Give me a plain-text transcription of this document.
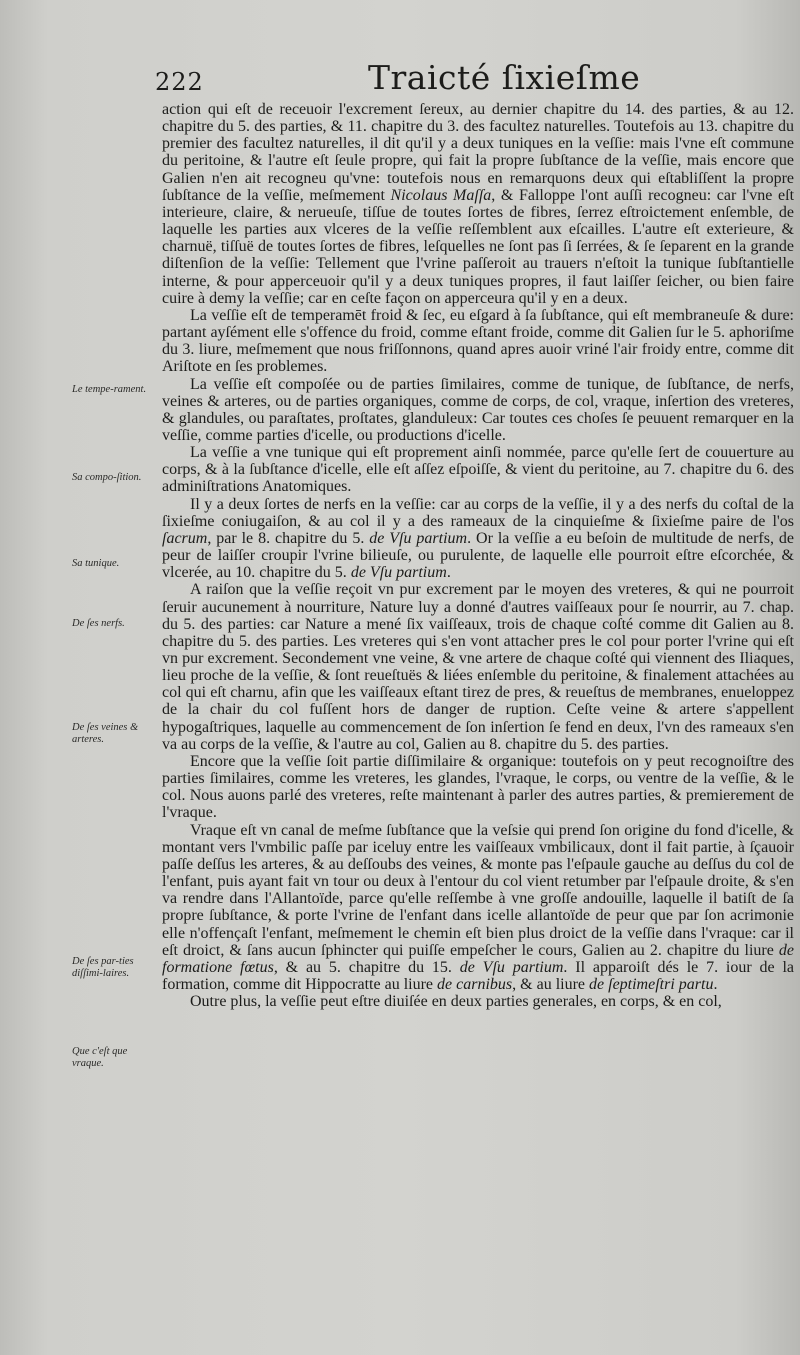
222	Traicté ſixieſme
Le tempe-rament.
Sa compo-ſition.
Sa tunique.
De ſes nerfs.
De ſes veines & arteres.
De ſes par-ties diſſimi-laires.
Que c'eſt que vraque.

action qui eſt de receuoir l'excrement ſereux, au dernier chapitre du 14. des parties, & au 12. chapitre du 5. des parties, & 11. chapitre du 3. des facultez naturelles. Toutefois au 13. chapitre du premier des facultez naturelles, il dit qu'il y a deux tuniques en la veſſie: mais l'vne eſt commune du peritoine, & l'autre eſt ſeule propre, qui fait la propre ſubſtance de la veſſie, mais encore que Galien n'en ait recogneu qu'vne: toutefois nous en remarquons deux qui eſtabliſſent la propre ſubſtance de la veſſie, meſmement Nicolaus Maſſa, & Falloppe l'ont auſſi recogneu: car l'vne eſt interieure, claire, & nerueuſe, tiſſue de toutes ſortes de fibres, ſerrez eſtroictement enſemble, de laquelle les parties aux vlceres de la veſſie reſſemblent aux eſcailles. L'autre eſt exterieure, & charnuë, tiſſuë de toutes ſortes de fibres, leſquelles ne ſont pas ſi ſerrées, & ſe ſeparent en la grande diſtenſion de la veſſie: Tellement que l'vrine paſſeroit au trauers n'eſtoit la tunique ſubſtantielle interne, & pour apperceuoir qu'il y a deux tuniques propres, il faut laiſſer ſeicher, ou bien faire cuire à demy la veſſie; car en ceſte façon on apperceura qu'il y en a deux.

La veſſie eſt de temperamēt froid & ſec, eu eſgard à ſa ſubſtance, qui eſt membraneuſe & dure: partant ayſément elle s'offence du froid, comme eſtant froide, comme dit Galien ſur le 5. aphoriſme du 3. liure, meſmement que nous friſſonnons, quand apres auoir vriné l'air froidy entre, comme dit Ariſtote en ſes problemes.

La veſſie eſt compoſée ou de parties ſimilaires, comme de tunique, de ſubſtance, de nerfs, veines & arteres, ou de parties organiques, comme de corps, de col, vraque, inſertion des vreteres, & glandules, ou paraſtates, proſtates, glanduleux: Car toutes ces choſes ſe peuuent remarquer en la veſſie, comme parties d'icelle, ou productions d'icelle.

La veſſie a vne tunique qui eſt proprement ainſi nommée, parce qu'elle ſert de couuerture au corps, & à la ſubſtance d'icelle, elle eſt aſſez eſpoiſſe, & vient du peritoine, au 7. chapitre du 6. des adminiſtrations Anatomiques.

Il y a deux ſortes de nerfs en la veſſie: car au corps de la veſſie, il y a des nerfs du coſtal de la ſixieſme coniugaiſon, & au col il y a des rameaux de la cinquieſme & ſixieſme paire de l'os ſacrum, par le 8. chapitre du 5. de Vſu partium. Or la veſſie a eu beſoin de multitude de nerfs, de peur de laiſſer croupir l'vrine bilieuſe, ou purulente, de laquelle elle pourroit eſtre eſcorchée, & vlcerée, au 10. chapitre du 5. de Vſu partium.

A raiſon que la veſſie reçoit vn pur excrement par le moyen des vreteres, & qui ne pourroit ſeruir aucunement à nourriture, Nature luy a donné d'autres vaiſſeaux pour ſe nourrir, au 7. chap. du 5. des parties: car Nature a mené ſix vaiſſeaux, trois de chaque coſté comme dit Galien au 8. chapitre du 5. des parties. Les vreteres qui s'en vont attacher pres le col pour porter l'vrine qui eſt vn pur excrement. Secondement vne veine, & vne artere de chaque coſté qui viennent des Iliaques, lieu proche de la veſſie, & ſont reueſtuës & liées enſemble du peritoine, & finalement attachées au col qui eſt charnu, afin que les vaiſſeaux eſtant tirez de pres, & reueſtus de membranes, enueloppez de la chair du col fuſſent hors de danger de ruption. Ceſte veine & artere s'appellent hypogaſtriques, laquelle au commencement de ſon inſertion ſe fend en deux, l'vn des rameaux s'en va au corps de la veſſie, & l'autre au col, Galien au 8. chapitre du 5. des parties.

Encore que la veſſie ſoit partie diſſimilaire & organique: toutefois on y peut recognoiſtre des parties ſimilaires, comme les vreteres, les glandes, l'vraque, le corps, ou ventre de la veſſie, & le col. Nous auons parlé des vreteres, reſte maintenant à parler des autres parties, & premierement de l'vraque.

Vraque eſt vn canal de meſme ſubſtance que la veſsie qui prend ſon origine du fond d'icelle, & montant vers l'vmbilic paſſe par iceluy entre les vaiſſeaux vmbilicaux, dont il fait partie, à ſçauoir paſſe deſſus les arteres, & au deſſoubs des veines, & monte pas l'eſpaule gauche au deſſus du col de l'enfant, puis ayant fait vn tour ou deux à l'entour du col vient retumber par l'eſpaule droite, & s'en va rendre dans l'Allantoïde, parce qu'elle reſſembe à vne groſſe andouille, laquelle il batiſt de ſa propre ſubſtance, & porte l'vrine de l'enfant dans icelle allantoïde de peur que par ſon acrimonie elle n'offençaſt l'enfant, meſmement le chemin eſt bien plus droict de la veſſie dans l'vraque: car il eſt droict, & ſans aucun ſphincter qui puiſſe empeſcher le cours, Galien au 2. chapitre du liure de formatione fœtus, & au 5. chapitre du 15. de Vſu partium. Il apparoiſt dés le 7. iour de la formation, comme dit Hippocratte au liure de carnibus, & au liure de ſeptimeſtri partu.

Outre plus, la veſſie peut eſtre diuiſée en deux parties generales, en corps, & en col,
